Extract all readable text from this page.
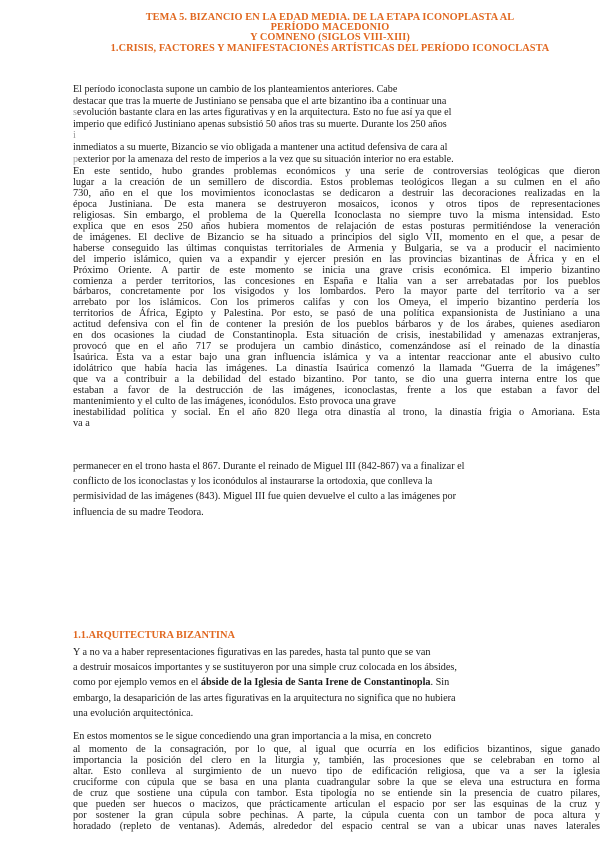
TEMA 5. BIZANCIO EN LA EDAD MEDIA. DE LA ETAPA ICONOPLASTA AL
PERÍODO MACEDONIO
Y COMNENO (SIGLOS VIII-XIII)
1.CRISIS, FACTORES Y MANIFESTACIONES ARTÍSTICAS DEL PERÍODO ICONOCLASTA
El período iconoclasta supone un cambio de los planteamientos anteriores. Cabe
destacar que tras la muerte de Justiniano se pensaba que el arte bizantino iba a continuar una
sevolución bastante clara en las artes figurativas y en la arquitectura. Esto no fue así ya que el
imperio que edificó Justiniano apenas subsistió 50 años tras su muerte. Durante los 250 años
i
inmediatos a su muerte, Bizancio se vio obligada a mantener una actitud defensiva de cara al
pexterior por la amenaza del resto de imperios a la vez que su situación interior no era estable.
En este sentido, hubo grandes problemas económicos y una serie de controversias teológicas que dieron
lugar a la creación de un semillero de discordia. Estos problemas teológicos llegan a su culmen en el año
730, año en el que los movimientos iconoclastas se dedicaron a destruir las decoraciones realizadas en la
época Justiniana. De esta manera se destruyeron mosaicos, iconos y otros tipos de representaciones
religiosas. Sin embargo, el problema de la Querella Iconoclasta no siempre tuvo la misma intensidad. Esto
explica que en esos 250 años hubiera momentos de relajación de estas posturas permitiéndose la veneración
de imágenes. El declive de Bizancio se ha situado a principios del siglo VII, momento en el que, a pesar de
haberse conseguido las últimas conquistas territoriales de Armenia y Bulgaria, se va a producir el nacimiento
del imperio islámico, quien va a expandir y ejercer presión en las provincias bizantinas de África y en el
Próximo Oriente. A partir de este momento se inicia una grave crisis económica. El imperio bizantino
comienza a perder territorios, las concesiones en España e Italia van a ser arrebatadas por los pueblos
bárbaros, concretamente por los visigodos y los lombardos. Pero la mayor parte del territorio va a ser
arrebato por los islámicos. Con los primeros califas y con los Omeya, el imperio bizantino perdería los
territorios de África, Egipto y Palestina. Por esto, se pasó de una política expansionista de Justiniano a una
actitud defensiva con el fin de contener la presión de los pueblos bárbaros y de los árabes, quienes asediaron
en dos ocasiones la ciudad de Constantinopla. Esta situación de crisis, inestabilidad y amenazas extranjeras,
provocó que en el año 717 se produjera un cambio dinástico, comenzándose así el reinado de la dinastía
Isaúrica. Esta va a estar bajo una gran influencia islámica y va a intentar reaccionar ante el abusivo culto
idolátrico que había hacia las imágenes. La dinastía Isaúrica comenzó la llamada “Guerra de la imágenes”
que va a contribuir a la debilidad del estado bizantino. Por tanto, se dio una guerra interna entre los que
estaban a favor de la destrucción de las imágenes, iconoclastas, frente a los que estaban a favor del
mantenimiento y el culto de las imágenes, iconódulos. Esto provoca una grave
inestabilidad política y social. En el año 820 llega otra dinastía al trono, la dinastía frigia o Amoriana. Esta
va a
permanecer en el trono hasta el 867. Durante el reinado de Miguel III (842-867) va a finalizar el
conflicto de los iconoclastas y los iconódulos al instaurarse la ortodoxia, que conlleva la
permisividad de las imágenes (843). Miguel III fue quien devuelve el culto a las imágenes por
influencia de su madre Teodora.
1.1.ARQUITECTURA BIZANTINA
Y a no va a haber representaciones figurativas en las paredes, hasta tal punto que se van
a destruir mosaicos importantes y se sustituyeron por una simple cruz colocada en los ábsides,
como por ejemplo vemos en el ábside de la Iglesia de Santa Irene de Constantinopla. Sin
embargo, la desaparición de las artes figurativas en la arquitectura no significa que no hubiera
una evolución arquitectónica.
En estos momentos se le sigue concediendo una gran importancia a la misa, en concreto
al momento de la consagración, por lo que, al igual que ocurría en los edificios bizantinos, sigue ganado
importancia la posición del clero en la liturgia y, también, las procesiones que se celebraban en torno al
altar. Esto conlleva al surgimiento de un nuevo tipo de edificación religiosa, que va a ser la iglesia
cruciforme con cúpula que se basa en una planta cuadrangular sobre la que se eleva una estructura en forma
de cruz que sostiene una cúpula con tambor. Esta tipología no se entiende sin la presencia de cuatro pilares,
que pueden ser huecos o macizos, que prácticamente articulan el espacio por ser las esquinas de la cruz y
por sostener la gran cúpula sobre pechinas. A parte, la cúpula cuenta con un tambor de poca altura y
horadado (repleto de ventanas). Además, alrededor del espacio central se van a ubicar unas naves laterales
